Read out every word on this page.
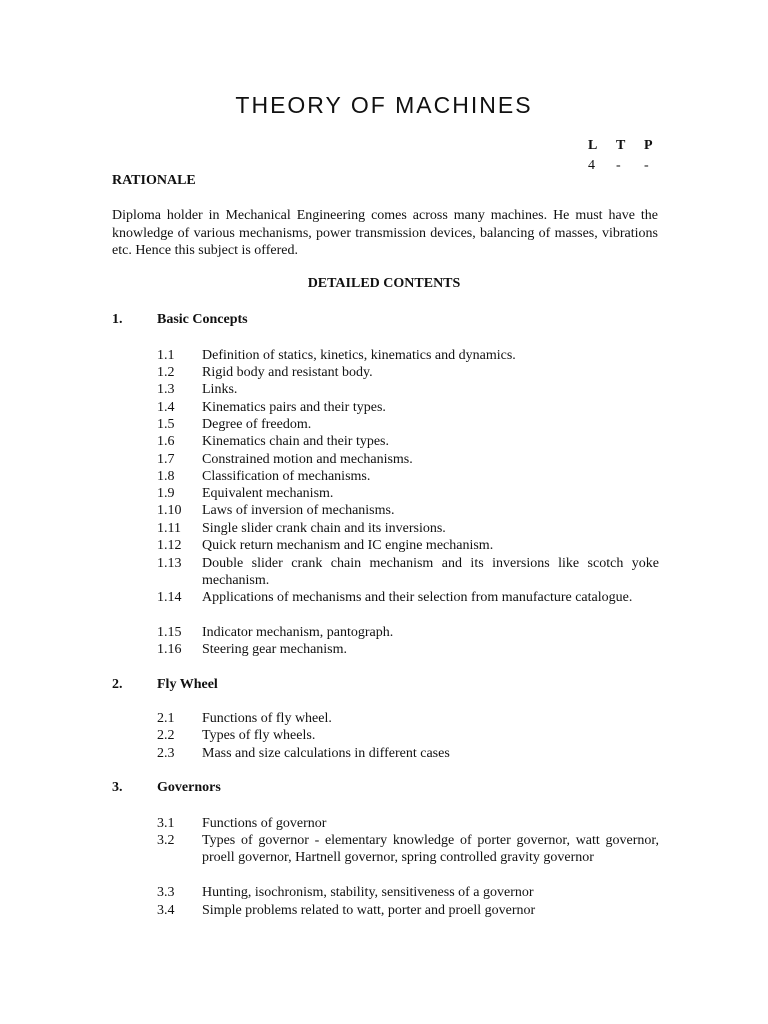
THEORY OF MACHINES
L	T	P
4	-	-
RATIONALE
Diploma holder in Mechanical Engineering comes across many machines. He must have the knowledge of various mechanisms, power transmission devices, balancing of masses, vibrations etc. Hence this subject is offered.
DETAILED CONTENTS
1. Basic Concepts
1.1	Definition of statics, kinetics, kinematics and dynamics.
1.2	Rigid body and resistant body.
1.3	Links.
1.4	Kinematics pairs and their types.
1.5	Degree of freedom.
1.6	Kinematics chain and their types.
1.7	Constrained motion and mechanisms.
1.8	Classification of mechanisms.
1.9	Equivalent mechanism.
1.10	Laws of inversion of mechanisms.
1.11	Single slider crank chain and its inversions.
1.12	Quick return mechanism and IC engine mechanism.
1.13	Double slider crank chain mechanism and its inversions like scotch yoke mechanism.
1.14	Applications of mechanisms and their selection from manufacture catalogue.
1.15	Indicator mechanism, pantograph.
1.16	Steering gear mechanism.
2. Fly Wheel
2.1	Functions of fly wheel.
2.2	Types of fly wheels.
2.3	Mass and size calculations in different cases
3. Governors
3.1	Functions of governor
3.2	Types of governor - elementary knowledge of porter governor, watt governor, proell governor, Hartnell governor, spring controlled gravity governor
3.3	Hunting, isochronism, stability, sensitiveness of a governor
3.4	Simple problems related to watt, porter and proell governor
